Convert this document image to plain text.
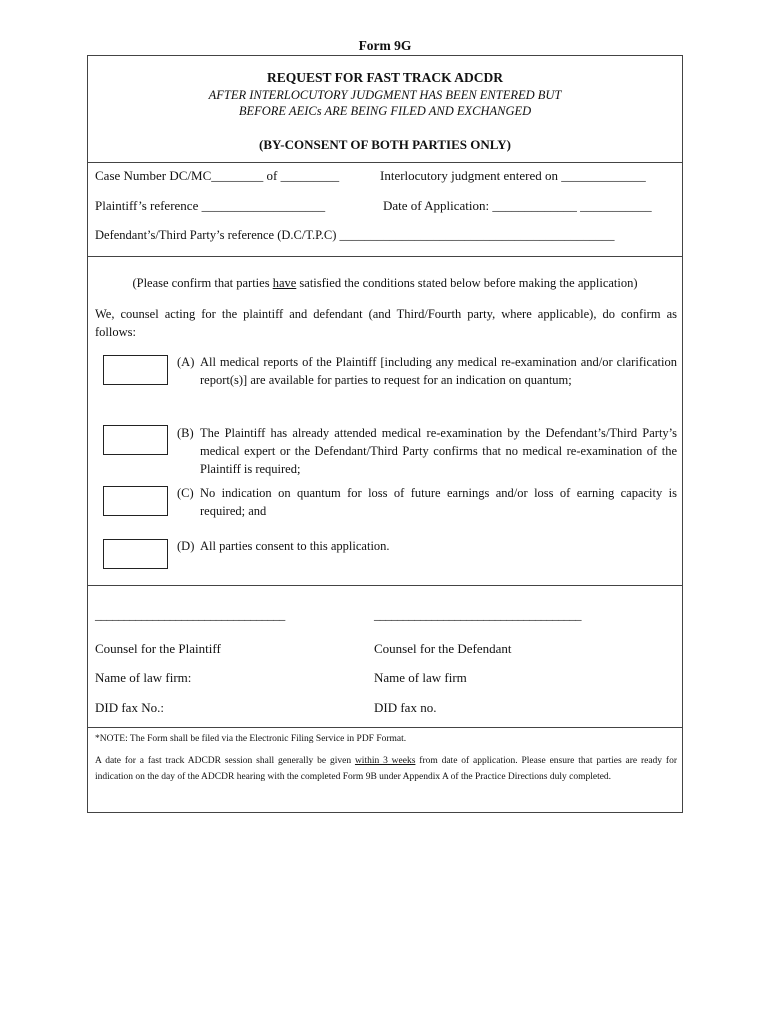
Form 9G
REQUEST FOR FAST TRACK ADCDR
AFTER INTERLOCUTORY JUDGMENT HAS BEEN ENTERED BUT
BEFORE AEICs ARE BEING FILED AND EXCHANGED
(BY-CONSENT OF BOTH PARTIES ONLY)
Case Number DC/MC________ of _________	Interlocutory judgment entered on _____________
Plaintiff’s reference ___________________	Date of Application: _____________ ___________
Defendant’s/Third Party’s reference (D.C/T.P.C) ____________________________________________
(Please confirm that parties have satisfied the conditions stated below before making the application)
We, counsel acting for the plaintiff and defendant (and Third/Fourth party, where applicable), do confirm as follows:
(A) All medical reports of the Plaintiff [including any medical re-examination and/or clarification report(s)] are available for parties to request for an indication on quantum;
(B) The Plaintiff has already attended medical re-examination by the Defendant’s/Third Party’s medical expert or the Defendant/Third Party confirms that no medical re-examination of the Plaintiff is required;
(C) No indication on quantum for loss of future earnings and/or loss of earning capacity is required; and
(D) All parties consent to this application.
_________________________________	____________________________________
Counsel for the Plaintiff	Counsel for the Defendant
Name of law firm:	Name of law firm
DID fax No.:	DID fax no.
*NOTE: The Form shall be filed via the Electronic Filing Service in PDF Format.
A date for a fast track ADCDR session shall generally be given within 3 weeks from date of application. Please ensure that parties are ready for indication on the day of the ADCDR hearing with the completed Form 9B under Appendix A of the Practice Directions duly completed.
